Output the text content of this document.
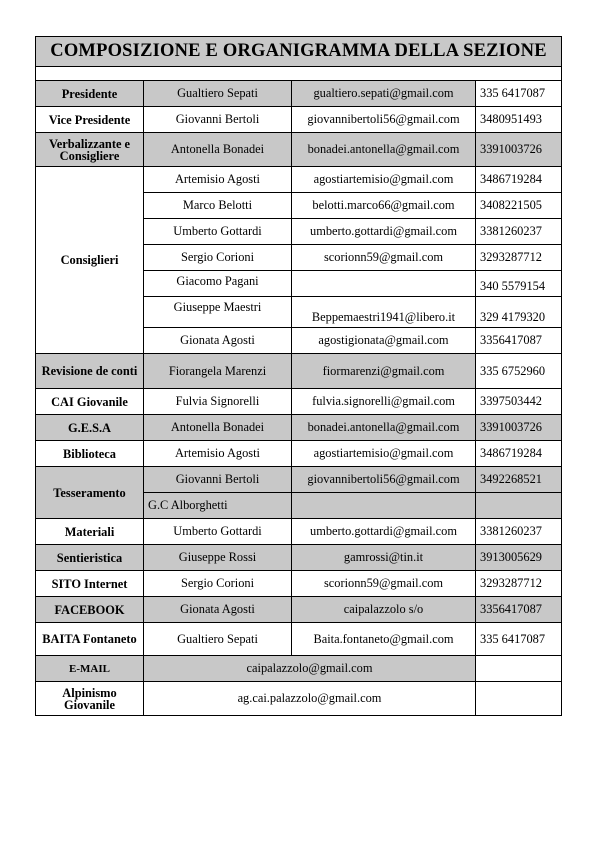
COMPOSIZIONE E ORGANIGRAMMA DELLA SEZIONE			

Presidente	Gualtiero Sepati	gualtiero.sepati@gmail.com	335 6417087
Vice Presidente	Giovanni Bertoli	giovannibertoli56@gmail.com	3480951493
Verbalizzante e Consigliere	Antonella Bonadei	bonadei.antonella@gmail.com	3391003726
Consiglieri	Artemisio Agosti	agostiartemisio@gmail.com	3486719284
	Marco Belotti	belotti.marco66@gmail.com	3408221505
	Umberto Gottardi	umberto.gottardi@gmail.com	3381260237
	Sergio Corioni	scorionn59@gmail.com	3293287712
	Giacomo Pagani		340 5579154
	Giuseppe Maestri	Beppemaestri1941@libero.it	329 4179320
	Gionata Agosti	agostigionata@gmail.com	3356417087
Revisione de conti	Fiorangela Marenzi	fiormarenzi@gmail.com	335 6752960
CAI Giovanile	Fulvia Signorelli	fulvia.signorelli@gmail.com	3397503442
G.E.S.A	Antonella Bonadei	bonadei.antonella@gmail.com	3391003726
Biblioteca	Artemisio Agosti	agostiartemisio@gmail.com	3486719284
Tesseramento	Giovanni Bertoli	giovannibertoli56@gmail.com	3492268521
	G.C Alborghetti		
Materiali	Umberto Gottardi	umberto.gottardi@gmail.com	3381260237
Sentieristica	Giuseppe Rossi	gamrossi@tin.it	3913005629
SITO Internet	Sergio Corioni	scorionn59@gmail.com	3293287712
FACEBOOK	Gionata Agosti	caipalazzolo s/o	3356417087
BAITA Fontaneto	Gualtiero Sepati	Baita.fontaneto@gmail.com	335 6417087
E-MAIL	caipalazzolo@gmail.com		
Alpinismo Giovanile	ag.cai.palazzolo@gmail.com		
